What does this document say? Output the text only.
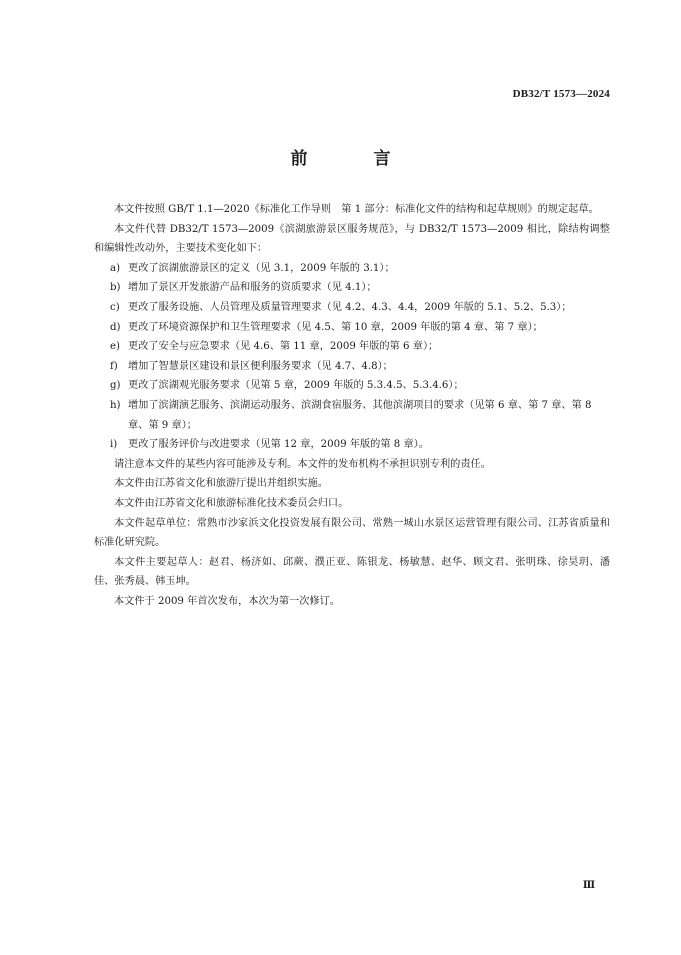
DB32/T 1573—2024
前 言

本文件按照 GB/T 1.1—2020《标准化工作导则　第 1 部分：标准化文件的结构和起草规则》的规定起草。

本文件代替 DB32/T 1573—2009《滨湖旅游景区服务规范》，与 DB32/T 1573—2009 相比，除结构调整和编辑性改动外，主要技术变化如下：

a) 更改了滨湖旅游景区的定义（见 3.1，2009 年版的 3.1）；
b) 增加了景区开发旅游产品和服务的资质要求（见 4.1）；
c) 更改了服务设施、人员管理及质量管理要求（见 4.2、4.3、4.4，2009 年版的 5.1、5.2、5.3）；
d) 更改了环境资源保护和卫生管理要求（见 4.5、第 10 章，2009 年版的第 4 章、第 7 章）；
e) 更改了安全与应急要求（见 4.6、第 11 章，2009 年版的第 6 章）；
f)	增加了智慧景区建设和景区便利服务要求（见 4.7、4.8）；
g) 更改了滨湖观光服务要求（见第 5 章，2009 年版的 5.3.4.5、5.3.4.6）；
h) 增加了滨湖演艺服务、滨湖运动服务、滨湖食宿服务、其他滨湖项目的要求（见第 6 章、第 7 章、第 8 章、第 9 章）；
i)	更改了服务评价与改进要求（见第 12 章，2009 年版的第 8 章）。

请注意本文件的某些内容可能涉及专利。本文件的发布机构不承担识别专利的责任。

本文件由江苏省文化和旅游厅提出并组织实施。

本文件由江苏省文化和旅游标准化技术委员会归口。

本文件起草单位：常熟市沙家浜文化投资发展有限公司、常熟一城山水景区运营管理有限公司、江苏省质量和标准化研究院。

本文件主要起草人：赵君、杨济如、邱蕨、濮正亚、陈银龙、杨敏慧、赵华、顾文君、张明珠、徐昊玥、潘佳、张秀晨、韩玉坤。

本文件于 2009 年首次发布，本次为第一次修订。

Ⅲ
